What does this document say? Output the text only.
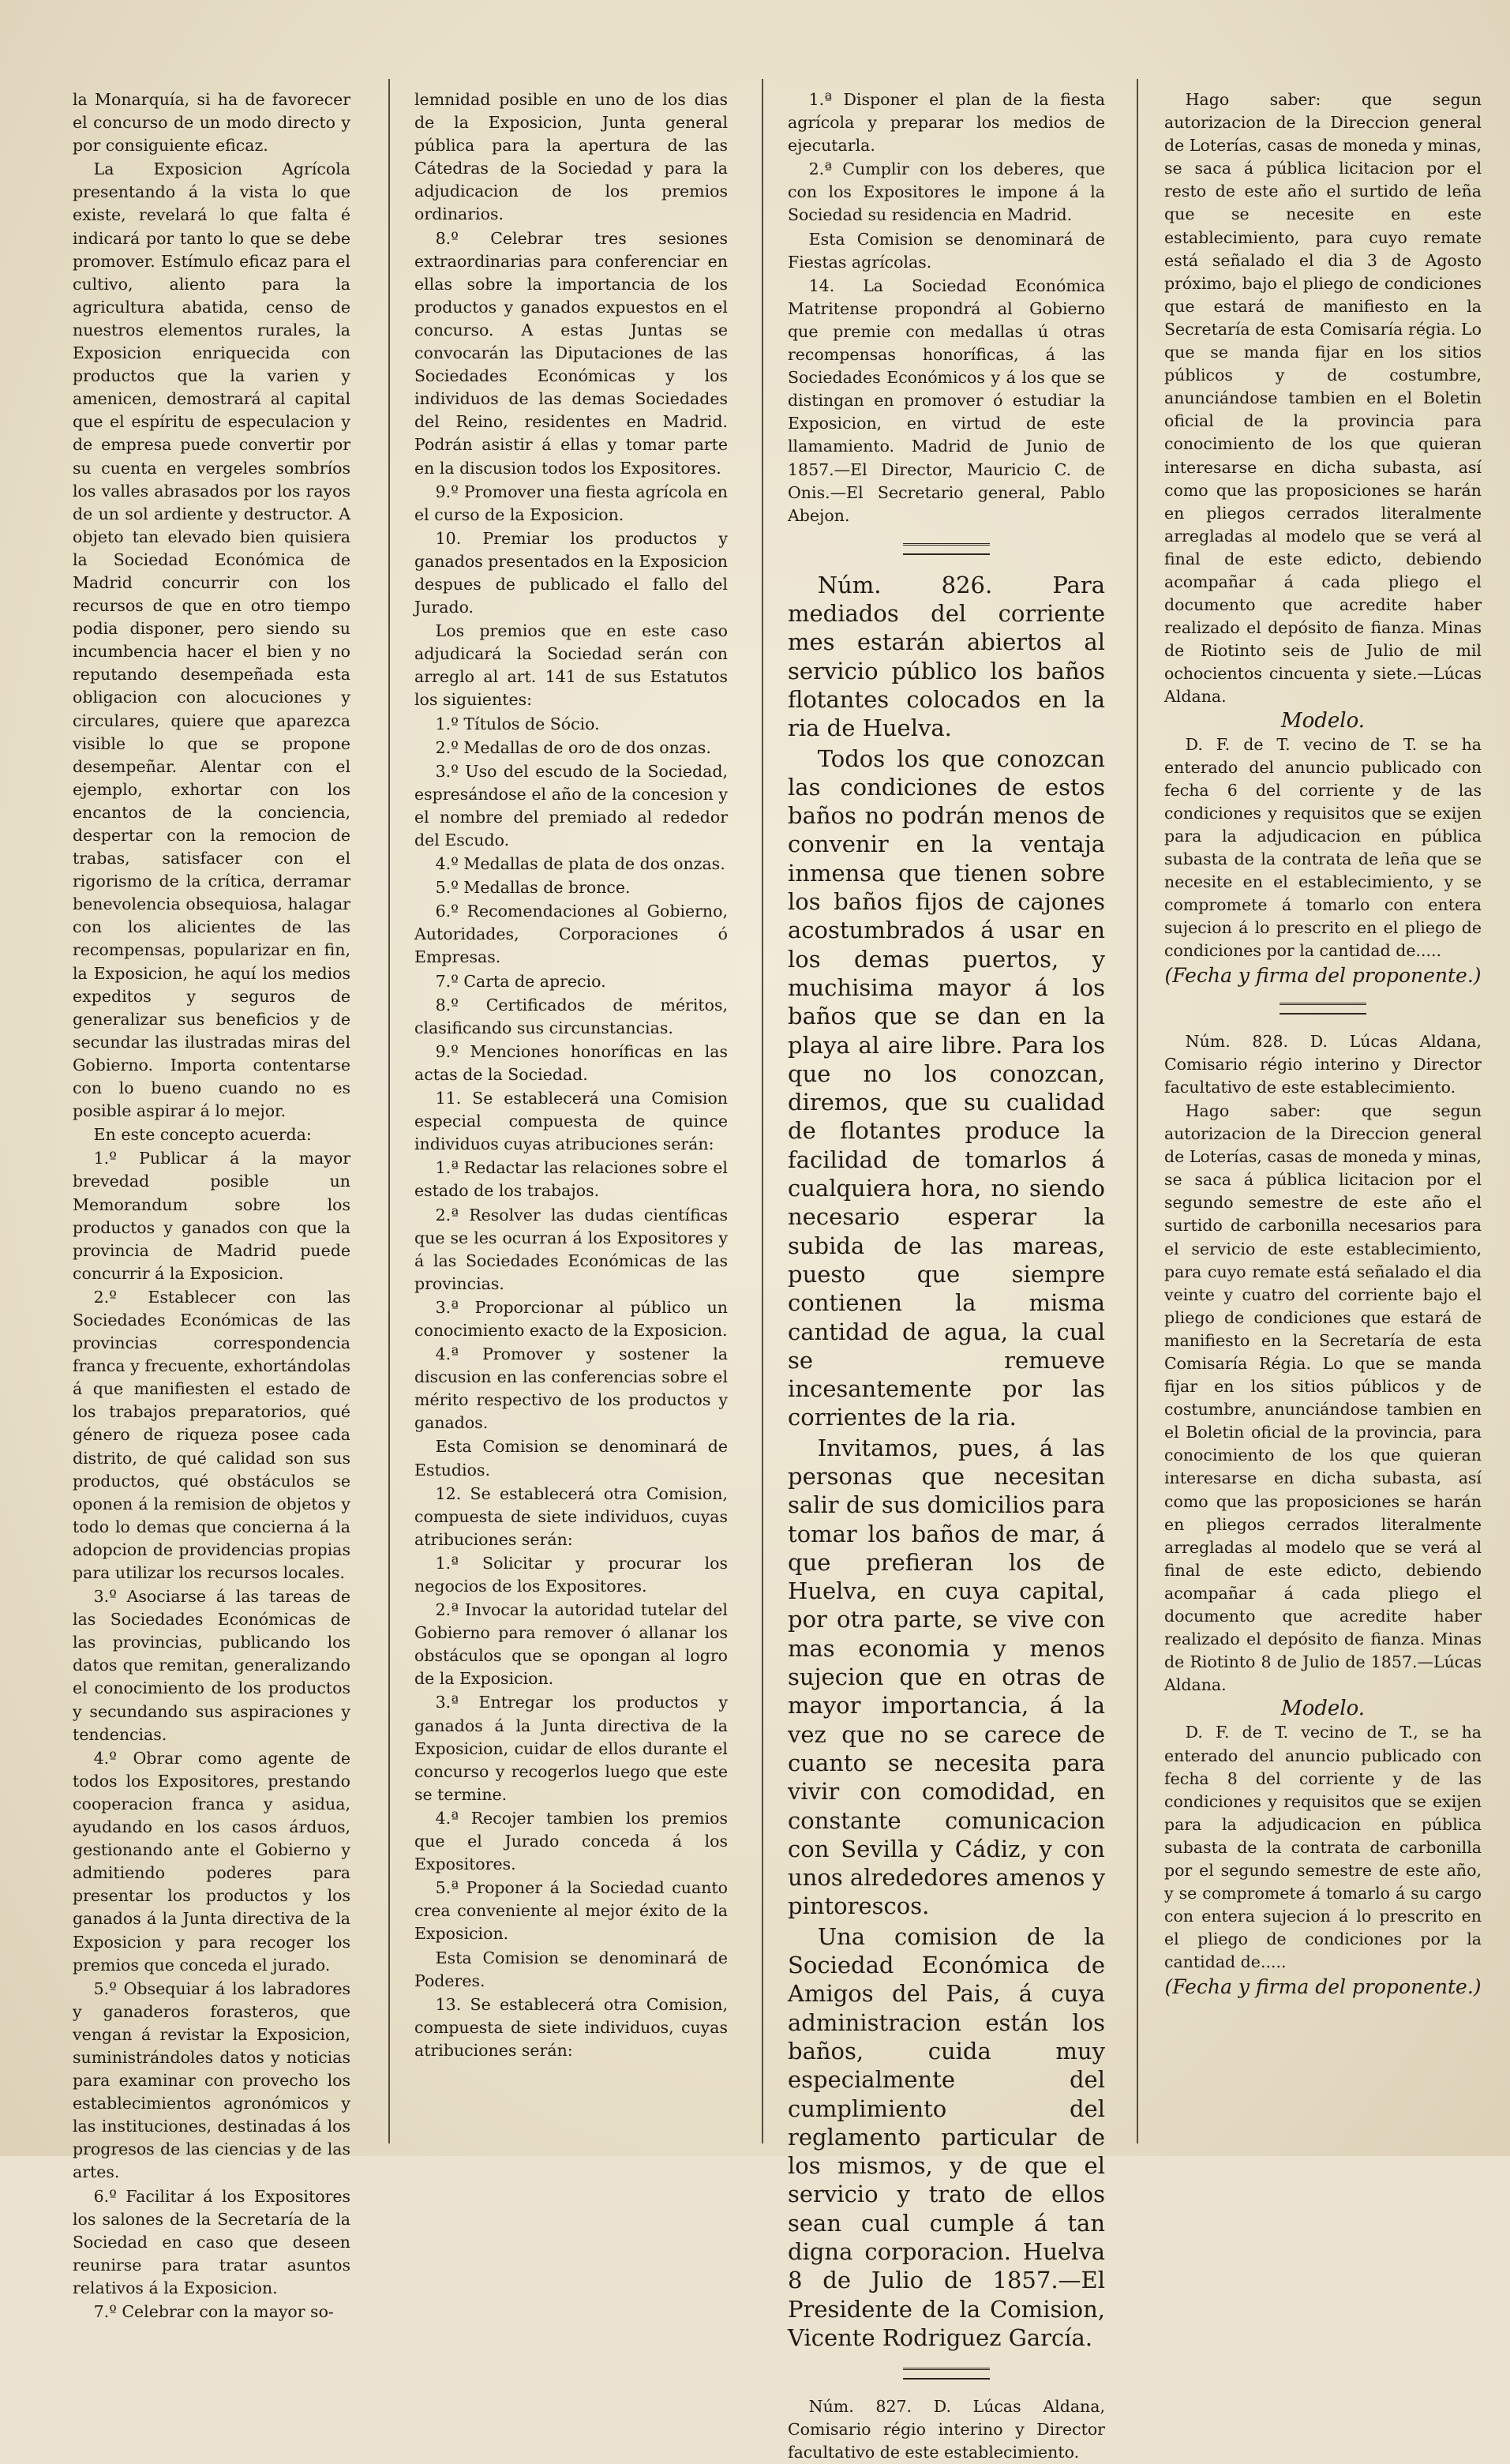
la Monarquía, si ha de favorecer el concurso de un modo directo y por consiguiente eficaz.

La Exposicion Agrícola presentando á la vista lo que existe, revelará lo que falta é indicará por tanto lo que se debe promover. Estímulo eficaz para el cultivo, aliento para la agricultura abatida, censo de nuestros elementos rurales, la Exposicion enriquecida con productos que la varien y amenicen, demostrará al capital que el espíritu de especulacion y de empresa puede convertir por su cuenta en vergeles sombríos los valles abrasados por los rayos de un sol ardiente y destructor. A objeto tan elevado bien quisiera la Sociedad Económica de Madrid concurrir con los recursos de que en otro tiempo podia disponer, pero siendo su incumbencia hacer el bien y no reputando desempeñada esta obligacion con alocuciones y circulares, quiere que aparezca visible lo que se propone desempeñar. Alentar con el ejemplo, exhortar con los encantos de la conciencia, despertar con la remocion de trabas, satisfacer con el rigorismo de la crítica, derramar benevolencia obsequiosa, halagar con los alicientes de las recompensas, popularizar en fin, la Exposicion, he aquí los medios expeditos y seguros de generalizar sus beneficios y de secundar las ilustradas miras del Gobierno. Importa contentarse con lo bueno cuando no es posible aspirar á lo mejor.

En este concepto acuerda:

1.º Publicar á la mayor brevedad posible un Memorandum sobre los productos y ganados con que la provincia de Madrid puede concurrir á la Exposicion.

2.º Establecer con las Sociedades Económicas de las provincias correspondencia franca y frecuente, exhortándolas á que manifiesten el estado de los trabajos preparatorios, qué género de riqueza posee cada distrito, de qué calidad son sus productos, qué obstáculos se oponen á la remision de objetos y todo lo demas que concierna á la adopcion de providencias propias para utilizar los recursos locales.

3.º Asociarse á las tareas de las Sociedades Económicas de las provincias, publicando los datos que remitan, generalizando el conocimiento de los productos y secundando sus aspiraciones y tendencias.

4.º Obrar como agente de todos los Expositores, prestando cooperacion franca y asidua, ayudando en los casos árduos, gestionando ante el Gobierno y admitiendo poderes para presentar los productos y los ganados á la Junta directiva de la Exposicion y para recoger los premios que conceda el jurado.

5.º Obsequiar á los labradores y ganaderos forasteros, que vengan á revistar la Exposicion, suministrándoles datos y noticias para examinar con provecho los establecimientos agronómicos y las instituciones, destinadas á los progresos de las ciencias y de las artes.

6.º Facilitar á los Expositores los salones de la Secretaría de la Sociedad en caso que deseen reunirse para tratar asuntos relativos á la Exposicion.

7.º Celebrar con la mayor so-

lemnidad posible en uno de los dias de la Exposicion, Junta general pública para la apertura de las Cátedras de la Sociedad y para la adjudicacion de los premios ordinarios.

8.º Celebrar tres sesiones extraordinarias para conferenciar en ellas sobre la importancia de los productos y ganados expuestos en el concurso. A estas Juntas se convocarán las Diputaciones de las Sociedades Económicas y los individuos de las demas Sociedades del Reino, residentes en Madrid. Podrán asistir á ellas y tomar parte en la discusion todos los Expositores.

9.º Promover una fiesta agrícola en el curso de la Exposicion.

10. Premiar los productos y ganados presentados en la Exposicion despues de publicado el fallo del Jurado.

Los premios que en este caso adjudicará la Sociedad serán con arreglo al art. 141 de sus Estatutos los siguientes:

1.º Títulos de Sócio.

2.º Medallas de oro de dos onzas.

3.º Uso del escudo de la Sociedad, espresándose el año de la concesion y el nombre del premiado al rededor del Escudo.

4.º Medallas de plata de dos onzas.

5.º Medallas de bronce.

6.º Recomendaciones al Gobierno, Autoridades, Corporaciones ó Empresas.

7.º Carta de aprecio.

8.º Certificados de méritos, clasificando sus circunstancias.

9.º Menciones honoríficas en las actas de la Sociedad.

11. Se establecerá una Comision especial compuesta de quince individuos cuyas atribuciones serán:

1.ª Redactar las relaciones sobre el estado de los trabajos.

2.ª Resolver las dudas científicas que se les ocurran á los Expositores y á las Sociedades Económicas de las provincias.

3.ª Proporcionar al público un conocimiento exacto de la Exposicion.

4.ª Promover y sostener la discusion en las conferencias sobre el mérito respectivo de los productos y ganados.

Esta Comision se denominará de Estudios.

12. Se establecerá otra Comision, compuesta de siete individuos, cuyas atribuciones serán:

1.ª Solicitar y procurar los negocios de los Expositores.

2.ª Invocar la autoridad tutelar del Gobierno para remover ó allanar los obstáculos que se opongan al logro de la Exposicion.

3.ª Entregar los productos y ganados á la Junta directiva de la Exposicion, cuidar de ellos durante el concurso y recogerlos luego que este se termine.

4.ª Recojer tambien los premios que el Jurado conceda á los Expositores.

5.ª Proponer á la Sociedad cuanto crea conveniente al mejor éxito de la Exposicion.

Esta Comision se denominará de Poderes.

13. Se establecerá otra Comision, compuesta de siete individuos, cuyas atribuciones serán:

1.ª Disponer el plan de la fiesta agrícola y preparar los medios de ejecutarla.

2.ª Cumplir con los deberes, que con los Expositores le impone á la Sociedad su residencia en Madrid.

Esta Comision se denominará de Fiestas agrícolas.

14. La Sociedad Económica Matritense propondrá al Gobierno que premie con medallas ú otras recompensas honoríficas, á las Sociedades Económicos y á los que se distingan en promover ó estudiar la Exposicion, en virtud de este llamamiento. Madrid de Junio de 1857.—El Director, Mauricio C. de Onis.—El Secretario general, Pablo Abejon.

Núm. 826. Para mediados del corriente mes estarán abiertos al servicio público los baños flotantes colocados en la ria de Huelva.

Todos los que conozcan las condiciones de estos baños no podrán menos de convenir en la ventaja inmensa que tienen sobre los baños fijos de cajones acostumbrados á usar en los demas puertos, y muchisima mayor á los baños que se dan en la playa al aire libre. Para los que no los conozcan, diremos, que su cualidad de flotantes produce la facilidad de tomarlos á cualquiera hora, no siendo necesario esperar la subida de las mareas, puesto que siempre contienen la misma cantidad de agua, la cual se remueve incesantemente por las corrientes de la ria.

Invitamos, pues, á las personas que necesitan salir de sus domicilios para tomar los baños de mar, á que prefieran los de Huelva, en cuya capital, por otra parte, se vive con mas economia y menos sujecion que en otras de mayor importancia, á la vez que no se carece de cuanto se necesita para vivir con comodidad, en constante comunicacion con Sevilla y Cádiz, y con unos alrededores amenos y pintorescos.

Una comision de la Sociedad Económica de Amigos del Pais, á cuya administracion están los baños, cuida muy especialmente del cumplimiento del reglamento particular de los mismos, y de que el servicio y trato de ellos sean cual cumple á tan digna corporacion. Huelva 8 de Julio de 1857.—El Presidente de la Comision, Vicente Rodriguez García.

Núm. 827. D. Lúcas Aldana, Comisario régio interino y Director facultativo de este establecimiento.

Hago saber: que segun autorizacion de la Direccion general de Loterías, casas de moneda y minas, se saca á pública licitacion por el resto de este año el surtido de leña que se necesite en este establecimiento, para cuyo remate está señalado el dia 3 de Agosto próximo, bajo el pliego de condiciones que estará de manifiesto en la Secretaría de esta Comisaría régia. Lo que se manda fijar en los sitios públicos y de costumbre, anunciándose tambien en el Boletin oficial de la provincia para conocimiento de los que quieran interesarse en dicha subasta, así como que las proposiciones se harán en pliegos cerrados literalmente arregladas al modelo que se verá al final de este edicto, debiendo acompañar á cada pliego el documento que acredite haber realizado el depósito de fianza. Minas de Riotinto seis de Julio de mil ochocientos cincuenta y siete.—Lúcas Aldana.

Modelo.

D. F. de T. vecino de T. se ha enterado del anuncio publicado con fecha 6 del corriente y de las condiciones y requisitos que se exijen para la adjudicacion en pública subasta de la contrata de leña que se necesite en el establecimiento, y se compromete á tomarlo con entera sujecion á lo prescrito en el pliego de condiciones por la cantidad de.....

(Fecha y firma del proponente.)

Núm. 828. D. Lúcas Aldana, Comisario régio interino y Director facultativo de este establecimiento.

Hago saber: que segun autorizacion de la Direccion general de Loterías, casas de moneda y minas, se saca á pública licitacion por el segundo semestre de este año el surtido de carbonilla necesarios para el servicio de este establecimiento, para cuyo remate está señalado el dia veinte y cuatro del corriente bajo el pliego de condiciones que estará de manifiesto en la Secretaría de esta Comisaría Régia. Lo que se manda fijar en los sitios públicos y de costumbre, anunciándose tambien en el Boletin oficial de la provincia, para conocimiento de los que quieran interesarse en dicha subasta, así como que las proposiciones se harán en pliegos cerrados literalmente arregladas al modelo que se verá al final de este edicto, debiendo acompañar á cada pliego el documento que acredite haber realizado el depósito de fianza. Minas de Riotinto 8 de Julio de 1857.—Lúcas Aldana.

Modelo.

D. F. de T. vecino de T., se ha enterado del anuncio publicado con fecha 8 del corriente y de las condiciones y requisitos que se exijen para la adjudicacion en pública subasta de la contrata de carbonilla por el segundo semestre de este año, y se compromete á tomarlo á su cargo con entera sujecion á lo prescrito en el pliego de condiciones por la cantidad de.....

(Fecha y firma del proponente.)
